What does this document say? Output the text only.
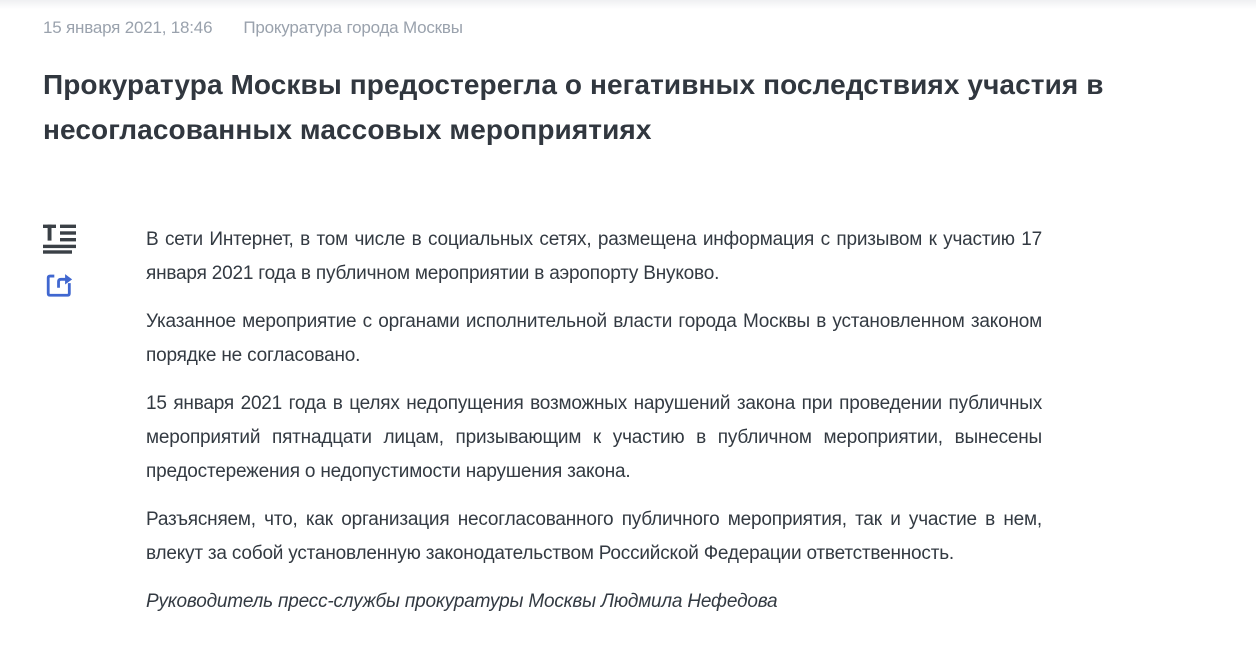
15 января 2021, 18:46 Прокуратура города Москвы
Прокуратура Москвы предостерегла о негативных последствиях участия в несогласованных массовых мероприятиях

В сети Интернет, в том числе в социальных сетях, размещена информация с призывом к участию 17 января 2021 года в публичном мероприятии в аэропорту Внуково.

Указанное мероприятие с органами исполнительной власти города Москвы в установленном законом порядке не согласовано.

15 января 2021 года в целях недопущения возможных нарушений закона при проведении публичных мероприятий пятнадцати лицам, призывающим к участию в публичном мероприятии, вынесены предостережения о недопустимости нарушения закона.

Разъясняем, что, как организация несогласованного публичного мероприятия, так и участие в нем, влекут за собой установленную законодательством Российской Федерации ответственность.

Руководитель пресс-службы прокуратуры Москвы Людмила Нефедова
